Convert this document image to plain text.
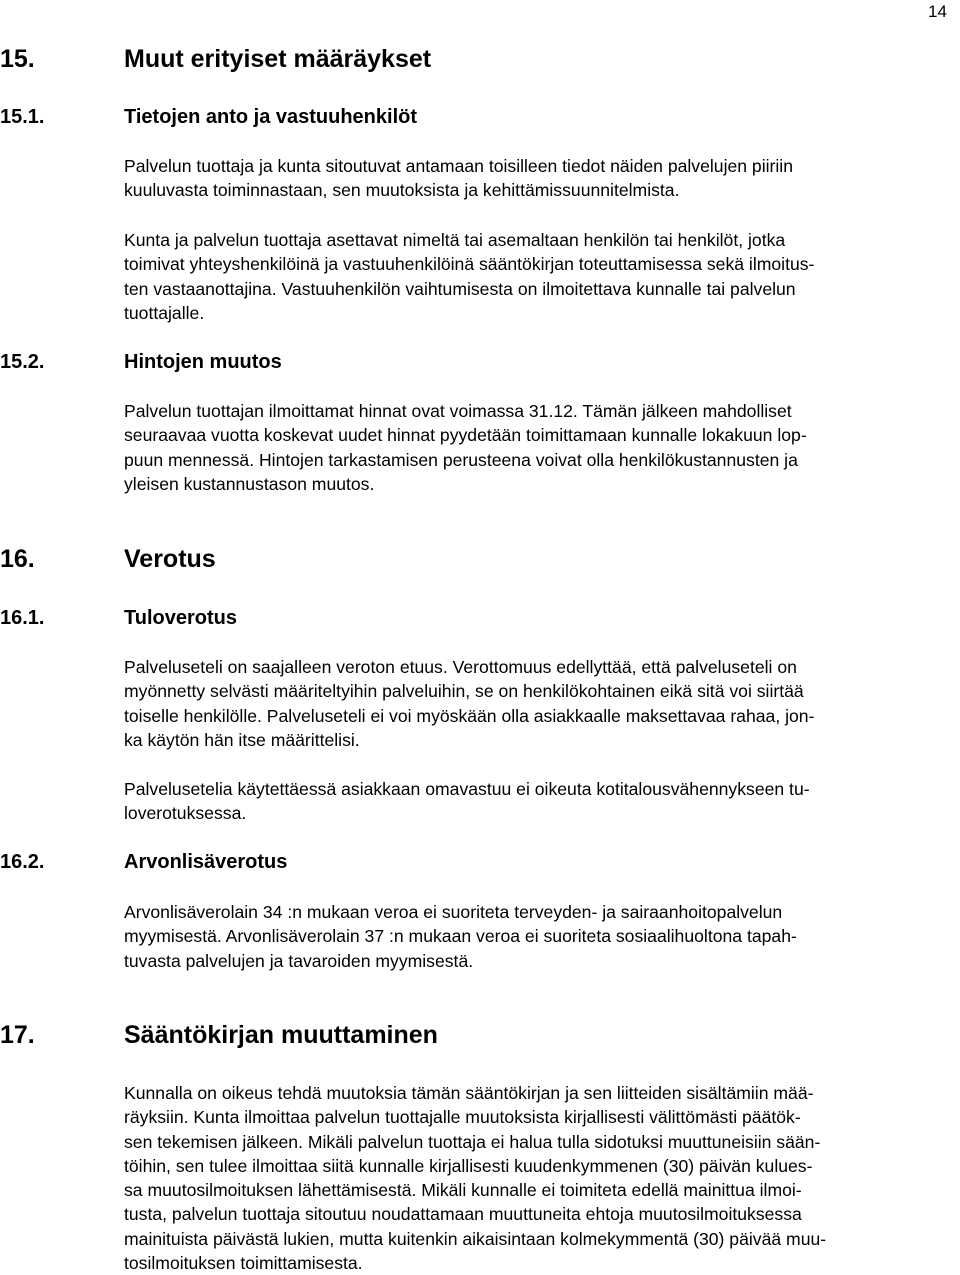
14
15.	Muut erityiset määräykset
15.1.	Tietojen anto ja vastuuhenkilöt

Palvelun tuottaja ja kunta sitoutuvat antamaan toisilleen tiedot näiden palvelujen piiriin
kuuluvasta toiminnastaan, sen muutoksista ja kehittämissuunnitelmista.

Kunta ja palvelun tuottaja asettavat nimeltä tai asemaltaan henkilön tai henkilöt, jotka
toimivat yhteyshenkilöinä ja vastuuhenkilöinä sääntökirjan toteuttamisessa sekä ilmoitus-
ten vastaanottajina. Vastuuhenkilön vaihtumisesta on ilmoitettava kunnalle tai palvelun
tuottajalle.

15.2.	Hintojen muutos

Palvelun tuottajan ilmoittamat hinnat ovat voimassa 31.12. Tämän jälkeen mahdolliset
seuraavaa vuotta koskevat uudet hinnat pyydetään toimittamaan kunnalle lokakuun lop-
puun mennessä. Hintojen tarkastamisen perusteena voivat olla henkilökustannusten ja
yleisen kustannustason muutos.

16.	Verotus
16.1.	Tuloverotus

Palveluseteli on saajalleen veroton etuus. Verottomuus edellyttää, että palveluseteli on
myönnetty selvästi määriteltyihin palveluihin, se on henkilökohtainen eikä sitä voi siirtää
toiselle henkilölle. Palveluseteli ei voi myöskään olla asiakkaalle maksettavaa rahaa, jon-
ka käytön hän itse määrittelisi.

Palvelusetelia käytettäessä asiakkaan omavastuu ei oikeuta kotitalousvähennykseen tu-
loverotuksessa.

16.2.	Arvonlisäverotus

Arvonlisäverolain 34 :n mukaan veroa ei suoriteta terveyden- ja sairaanhoitopalvelun
myymisestä. Arvonlisäverolain 37 :n mukaan veroa ei suoriteta sosiaalihuoltona tapah-
tuvasta palvelujen ja tavaroiden myymisestä.

17.	Sääntökirjan muuttaminen

Kunnalla on oikeus tehdä muutoksia tämän sääntökirjan ja sen liitteiden sisältämiin mää-
räyksiin. Kunta ilmoittaa palvelun tuottajalle muutoksista kirjallisesti välittömästi päätök-
sen tekemisen jälkeen. Mikäli palvelun tuottaja ei halua tulla sidotuksi muuttuneisiin sään-
töihin, sen tulee ilmoittaa siitä kunnalle kirjallisesti kuudenkymmenen (30) päivän kulues-
sa muutosilmoituksen lähettämisestä. Mikäli kunnalle ei toimiteta edellä mainittua ilmoi-
tusta, palvelun tuottaja sitoutuu noudattamaan muuttuneita ehtoja muutosilmoituksessa
mainituista päivästä lukien, mutta kuitenkin aikaisintaan kolmekymmentä (30) päivää muu-
tosilmoituksen toimittamisesta.
